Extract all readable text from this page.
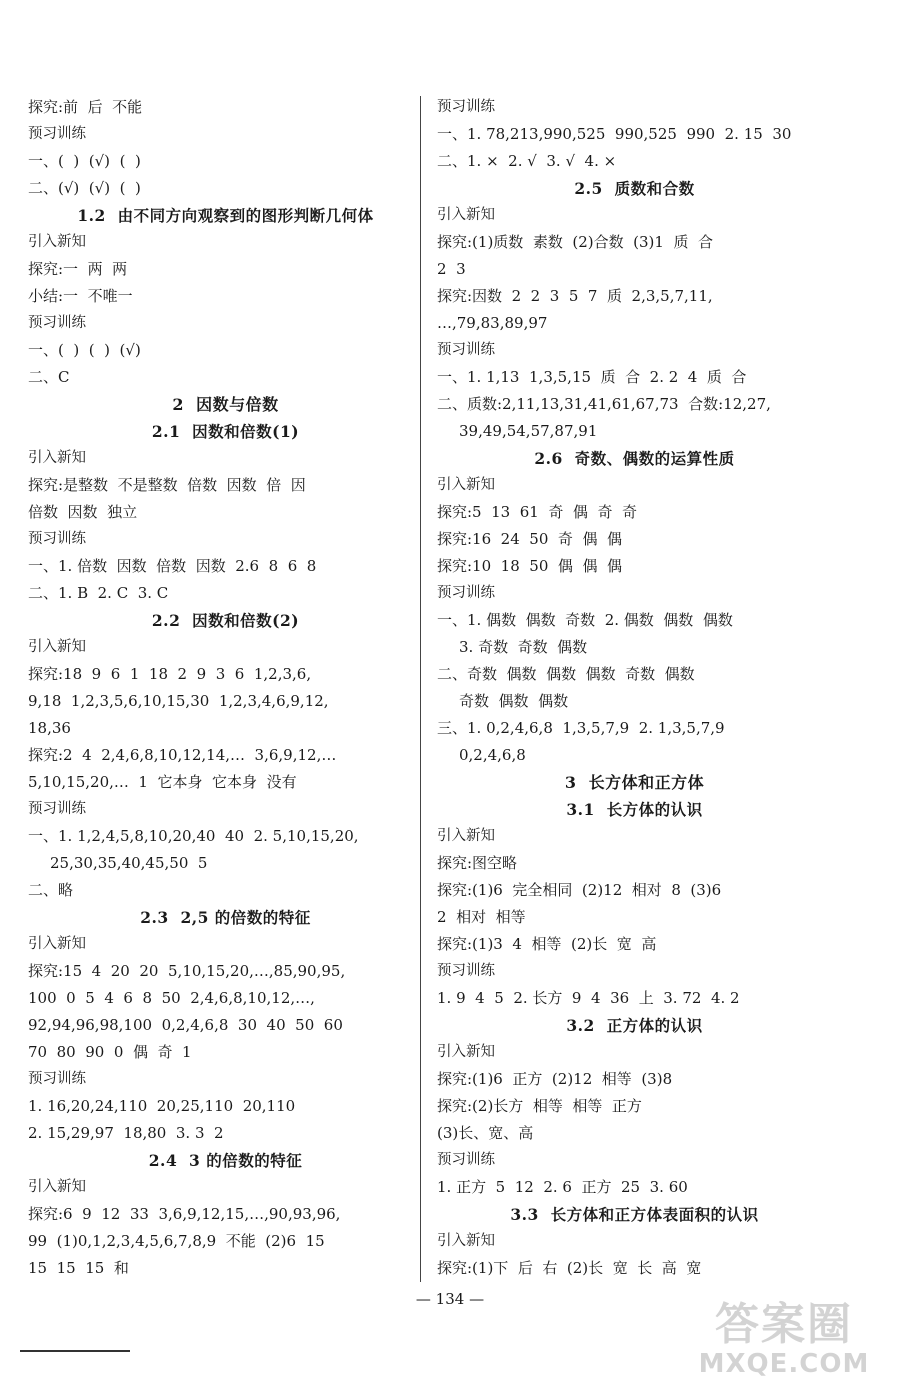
探究:前  后  不能
预习训练
一、(  )  (√)  (  )
二、(√)  (√)  (  )
1.2  由不同方向观察到的图形判断几何体
引入新知
探究:一  两  两
小结:一  不唯一
预习训练
一、(  )  (  )  (√)
二、C
2  因数与倍数
2.1  因数和倍数(1)
引入新知
探究:是整数  不是整数  倍数  因数  倍  因
倍数  因数  独立
预习训练
一、1. 倍数  因数  倍数  因数  2.6  8  6  8
二、1. B  2. C  3. C
2.2  因数和倍数(2)
引入新知
探究:18  9  6  1  18  2  9  3  6  1,2,3,6,
9,18  1,2,3,5,6,10,15,30  1,2,3,4,6,9,12,
18,36
探究:2  4  2,4,6,8,10,12,14,…  3,6,9,12,…
5,10,15,20,…  1  它本身  它本身  没有
预习训练
一、1. 1,2,4,5,8,10,20,40  40  2. 5,10,15,20,
25,30,35,40,45,50  5
二、略
2.3  2,5 的倍数的特征
引入新知
探究:15  4  20  20  5,10,15,20,…,85,90,95,
100  0  5  4  6  8  50  2,4,6,8,10,12,…,
92,94,96,98,100  0,2,4,6,8  30  40  50  60
70  80  90  0  偶  奇  1
预习训练
1. 16,20,24,110  20,25,110  20,110
2. 15,29,97  18,80  3. 3  2
2.4  3 的倍数的特征
引入新知
探究:6  9  12  33  3,6,9,12,15,…,90,93,96,
99  (1)0,1,2,3,4,5,6,7,8,9  不能  (2)6  15
15  15  15  和
预习训练
一、1. 78,213,990,525  990,525  990  2. 15  30
二、1. ×  2. √  3. √  4. ×
2.5  质数和合数
引入新知
探究:(1)质数  素数  (2)合数  (3)1  质  合
2  3
探究:因数  2  2  3  5  7  质  2,3,5,7,11,
…,79,83,89,97
预习训练
一、1. 1,13  1,3,5,15  质  合  2. 2  4  质  合
二、质数:2,11,13,31,41,61,67,73  合数:12,27,
39,49,54,57,87,91
2.6  奇数、偶数的运算性质
引入新知
探究:5  13  61  奇  偶  奇  奇
探究:16  24  50  奇  偶  偶
探究:10  18  50  偶  偶  偶
预习训练
一、1. 偶数  偶数  奇数  2. 偶数  偶数  偶数
3. 奇数  奇数  偶数
二、奇数  偶数  偶数  偶数  奇数  偶数
奇数  偶数  偶数
三、1. 0,2,4,6,8  1,3,5,7,9  2. 1,3,5,7,9
0,2,4,6,8
3  长方体和正方体
3.1  长方体的认识
引入新知
探究:图空略
探究:(1)6  完全相同  (2)12  相对  8  (3)6
2  相对  相等
探究:(1)3  4  相等  (2)长  宽  高
预习训练
1. 9  4  5  2. 长方  9  4  36  上  3. 72  4. 2
3.2  正方体的认识
引入新知
探究:(1)6  正方  (2)12  相等  (3)8
探究:(2)长方  相等  相等  正方
(3)长、宽、高
预习训练
1. 正方  5  12  2. 6  正方  25  3. 60
3.3  长方体和正方体表面积的认识
引入新知
探究:(1)下  后  右  (2)长  宽  长  高  宽
— 134 —	答案圈
MXQE.COM
